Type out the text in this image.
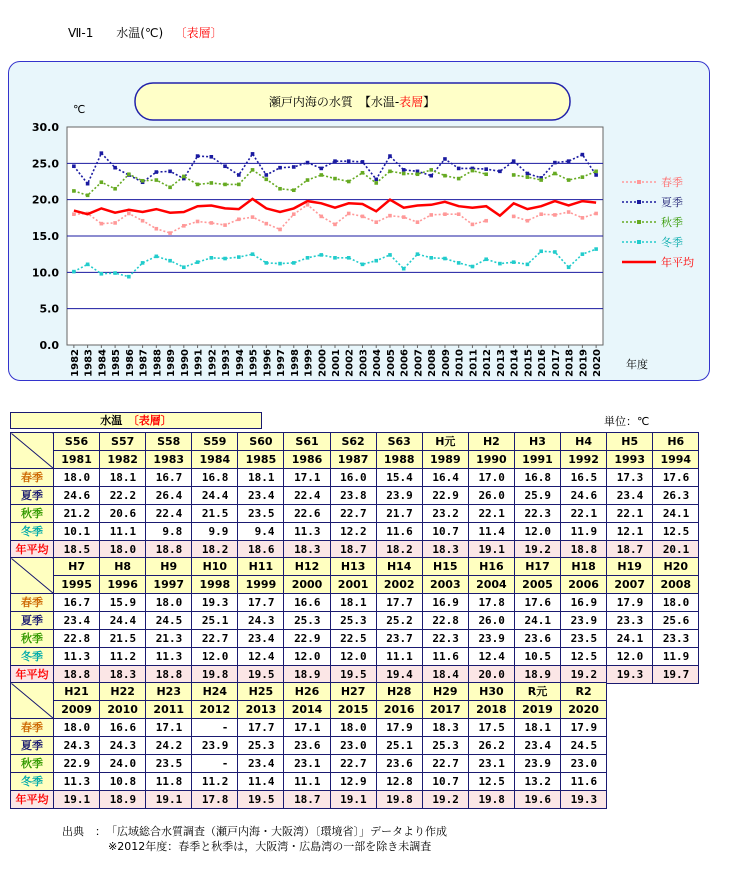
Ⅶ-1 水温(℃) 〔表層〕
瀬戸内海の水質　【水温-表層】
0.0
5.0
10.0
15.0
20.0
25.0
30.0
℃
1982 1983 1984 1985 1986 1987 1988 1989 1990 1991 1992 1993 1994 1995 1996 1997 1998 1999 2000 2001 2002 2003 2004 2005 2006 2007 2008 2009 2010 2011 2012 2013 2014 2015 2016 2017 2018 2019 2020 年度
春季
夏季
秋季
冬季
年平均
水温　〔表層〕	単位：℃
	S56	S57	S58	S59	S60	S61	S62	S63	H元	H2	H3	H4	H5	H6
	1981	1982	1983	1984	1985	1986	1987	1988	1989	1990	1991	1992	1993	1994
春季	18.0	18.1	16.7	16.8	18.1	17.1	16.0	15.4	16.4	17.0	16.8	16.5	17.3	17.6
夏季	24.6	22.2	26.4	24.4	23.4	22.4	23.8	23.9	22.9	26.0	25.9	24.6	23.4	26.3
秋季	21.2	20.6	22.4	21.5	23.5	22.6	22.7	21.7	23.2	22.1	22.3	22.1	22.1	24.1
冬季	10.1	11.1	9.8	9.9	9.4	11.3	12.2	11.6	10.7	11.4	12.0	11.9	12.1	12.5
年平均	18.5	18.0	18.8	18.2	18.6	18.3	18.7	18.2	18.3	19.1	19.2	18.8	18.7	20.1
	H7	H8	H9	H10	H11	H12	H13	H14	H15	H16	H17	H18	H19	H20
	1995	1996	1997	1998	1999	2000	2001	2002	2003	2004	2005	2006	2007	2008
春季	16.7	15.9	18.0	19.3	17.7	16.6	18.1	17.7	16.9	17.8	17.6	16.9	17.9	18.0
夏季	23.4	24.4	24.5	25.1	24.3	25.3	25.3	25.2	22.8	26.0	24.1	23.9	23.3	25.6
秋季	22.8	21.5	21.3	22.7	23.4	22.9	22.5	23.7	22.3	23.9	23.6	23.5	24.1	23.3
冬季	11.3	11.2	11.3	12.0	12.4	12.0	12.0	11.1	11.6	12.4	10.5	12.5	12.0	11.9
年平均	18.8	18.3	18.8	19.8	19.5	18.9	19.5	19.4	18.4	20.0	18.9	19.2	19.3	19.7
	H21	H22	H23	H24	H25	H26	H27	H28	H29	H30	R元	R2
	2009	2010	2011	2012	2013	2014	2015	2016	2017	2018	2019	2020
春季	18.0	16.6	17.1	-	17.7	17.1	18.0	17.9	18.3	17.5	18.1	17.9
夏季	24.3	24.3	24.2	23.9	25.3	23.6	23.0	25.1	25.3	26.2	23.4	24.5
秋季	22.9	24.0	23.5	-	23.4	23.1	22.7	23.6	22.7	23.1	23.9	23.0
冬季	11.3	10.8	11.8	11.2	11.4	11.1	12.9	12.8	10.7	12.5	13.2	11.6
年平均	19.1	18.9	19.1	17.8	19.5	18.7	19.1	19.8	19.2	19.8	19.6	19.3
出典　：　「広域総合水質調査（瀬戸内海・大阪湾）〔環境省〕」データより作成
※2012年度：春季と秋季は，大阪湾・広島湾の一部を除き未調査
